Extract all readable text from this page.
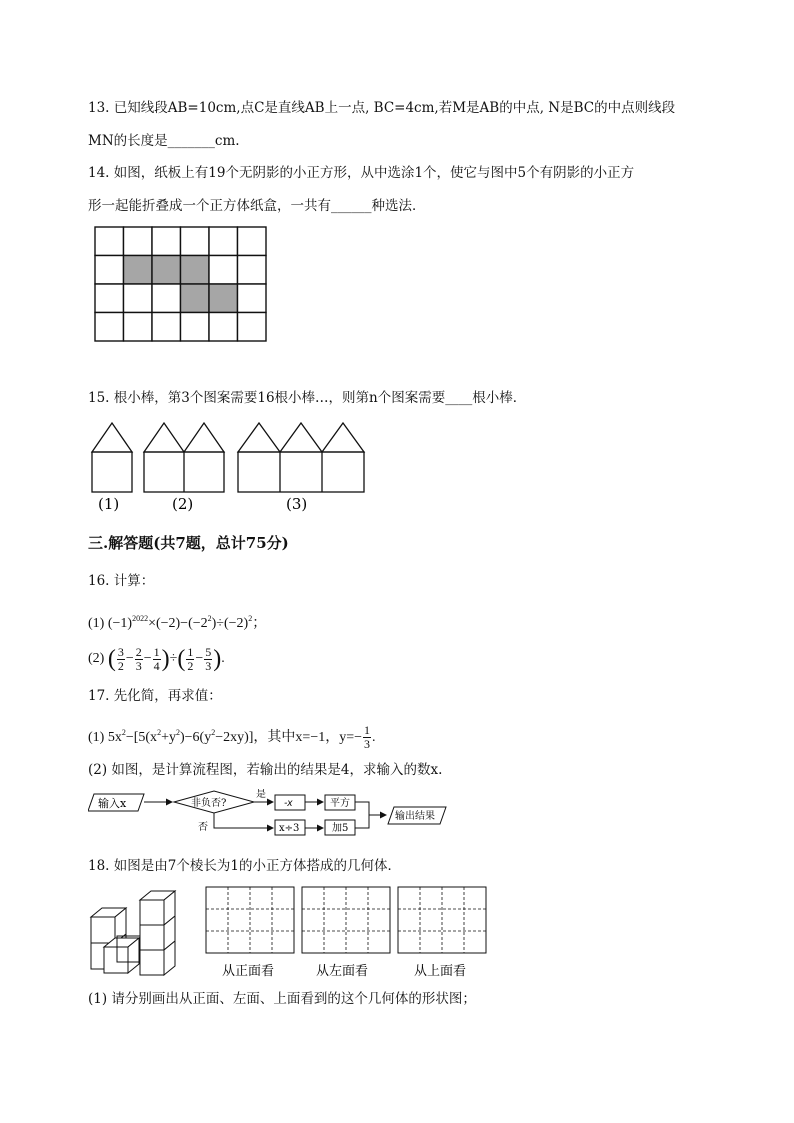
13. 已知线段AB=10cm,点C是直线AB上一点, BC=4cm,若M是AB的中点, N是BC的中点则线段
MN的长度是_______cm.
14. 如图，纸板上有19个无阴影的小正方形，从中选涂1个，使它与图中5个有阴影的小正方
形一起能折叠成一个正方体纸盒，一共有______种选法．
15. 根小棒，第3个图案需要16根小棒…，则第n个图案需要____根小棒．
(1)	(2)	(3)
三.解答题(共7题，总计75分)
16. 计算：
(1) $(-1)^{2022}\times(-2)-(-2^2)\div(-2)^2$；
(2) ( $\frac{3}{2} - \frac{2}{3} - \frac{1}{4}$ )÷( $\frac{1}{2} - \frac{5}{3}$ ).
17. 先化简，再求值：
(1) $5x^2-[5(x^2+y^2)-6(y^2-2xy)]$，其中x=−1，$y=- \frac{1}{3}$ .
(2) 如图，是计算流程图，若输出的结果是4，求输入的数x.
输入x	非负否?
是
否
-x	平方
x÷3	加5
输出结果
18. 如图是由7个棱长为1的小正方体搭成的几何体．
从正面看	从左面看	从上面看
(1) 请分别画出从正面、左面、上面看到的这个几何体的形状图；
